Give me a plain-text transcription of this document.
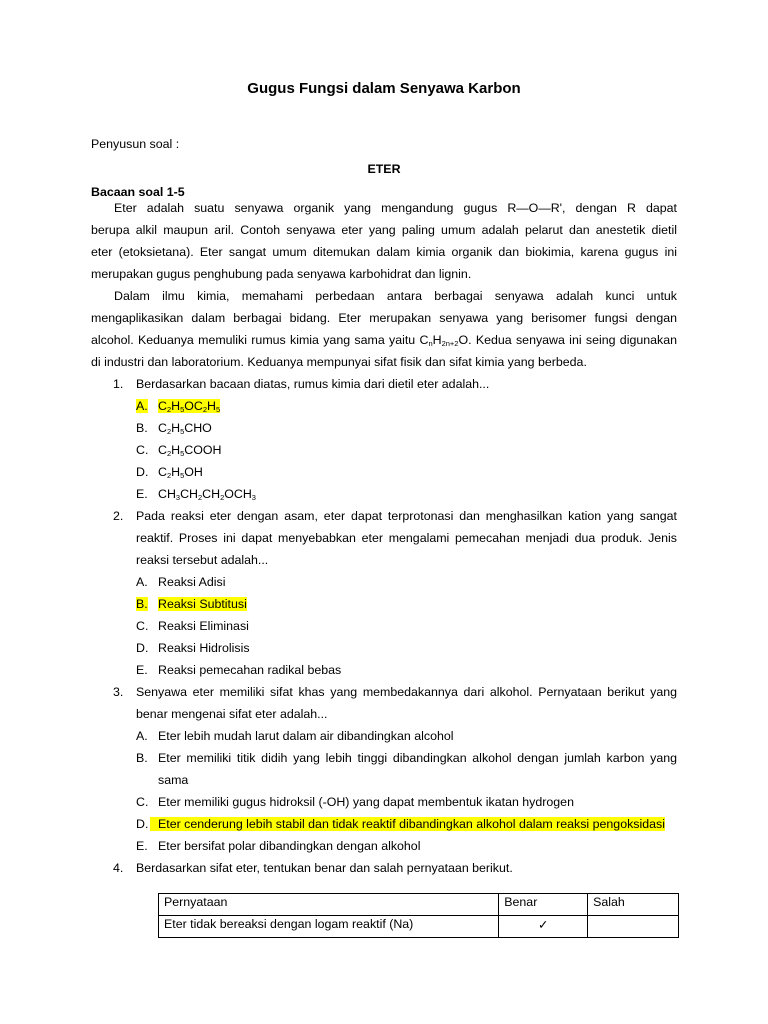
Gugus Fungsi dalam Senyawa Karbon
Penyusun soal :
ETER
Bacaan soal 1-5
Eter adalah suatu senyawa organik yang mengandung gugus R—O—R', dengan R dapat
berupa alkil maupun aril. Contoh senyawa eter yang paling umum adalah pelarut dan anestetik dietil
eter (etoksietana). Eter sangat umum ditemukan dalam kimia organik dan biokimia, karena gugus ini
merupakan gugus penghubung pada senyawa karbohidrat dan lignin.
Dalam ilmu kimia, memahami perbedaan antara berbagai senyawa adalah kunci untuk
mengaplikasikan dalam berbagai bidang. Eter merupakan senyawa yang berisomer fungsi dengan
alcohol. Keduanya memuliki rumus kimia yang sama yaitu $C_nH_{2n+2}O$. Kedua senyawa ini seing digunakan
di industri dan laboratorium. Keduanya mempunyai sifat fisik dan sifat kimia yang berbeda.
1. Berdasarkan bacaan diatas, rumus kimia dari dietil eter adalah...
A. $C_2H_5OC_2H_5$
B. $C_2H_5CHO$
C. $C_2H_5COOH$
D. $C_2H_5OH$
E. $CH_3CH_2CH_2OCH_3$
2. Pada reaksi eter dengan asam, eter dapat terprotonasi dan menghasilkan kation yang sangat
reaktif. Proses ini dapat menyebabkan eter mengalami pemecahan menjadi dua produk. Jenis
reaksi tersebut adalah...
A. Reaksi Adisi
B. Reaksi Subtitusi
C. Reaksi Eliminasi
D. Reaksi Hidrolisis
E. Reaksi pemecahan radikal bebas
3. Senyawa eter memiliki sifat khas yang membedakannya dari alkohol. Pernyataan berikut yang
benar mengenai sifat eter adalah...
A. Eter lebih mudah larut dalam air dibandingkan alcohol
B. Eter memiliki titik didih yang lebih tinggi dibandingkan alkohol dengan jumlah karbon yang
sama
C. Eter memiliki gugus hidroksil (-OH) yang dapat membentuk ikatan hydrogen
D. Eter cenderung lebih stabil dan tidak reaktif dibandingkan alkohol dalam reaksi pengoksidasi
E. Eter bersifat polar dibandingkan dengan alkohol
4. Berdasarkan sifat eter, tentukan benar dan salah pernyataan berikut.
Pernyataan	Benar	Salah
Eter tidak bereaksi dengan logam reaktif (Na)	✓	
